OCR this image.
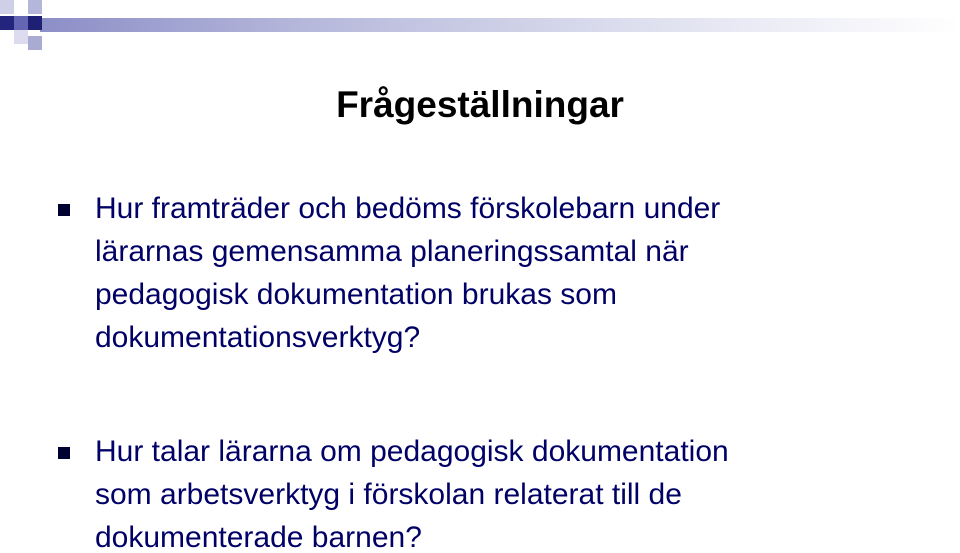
Frågeställningar
Hur framträder och bedöms förskolebarn under
lärarnas gemensamma planeringssamtal när
pedagogisk dokumentation brukas som
dokumentationsverktyg?
Hur talar lärarna om pedagogisk dokumentation
som arbetsverktyg i förskolan relaterat till de
dokumenterade barnen?
